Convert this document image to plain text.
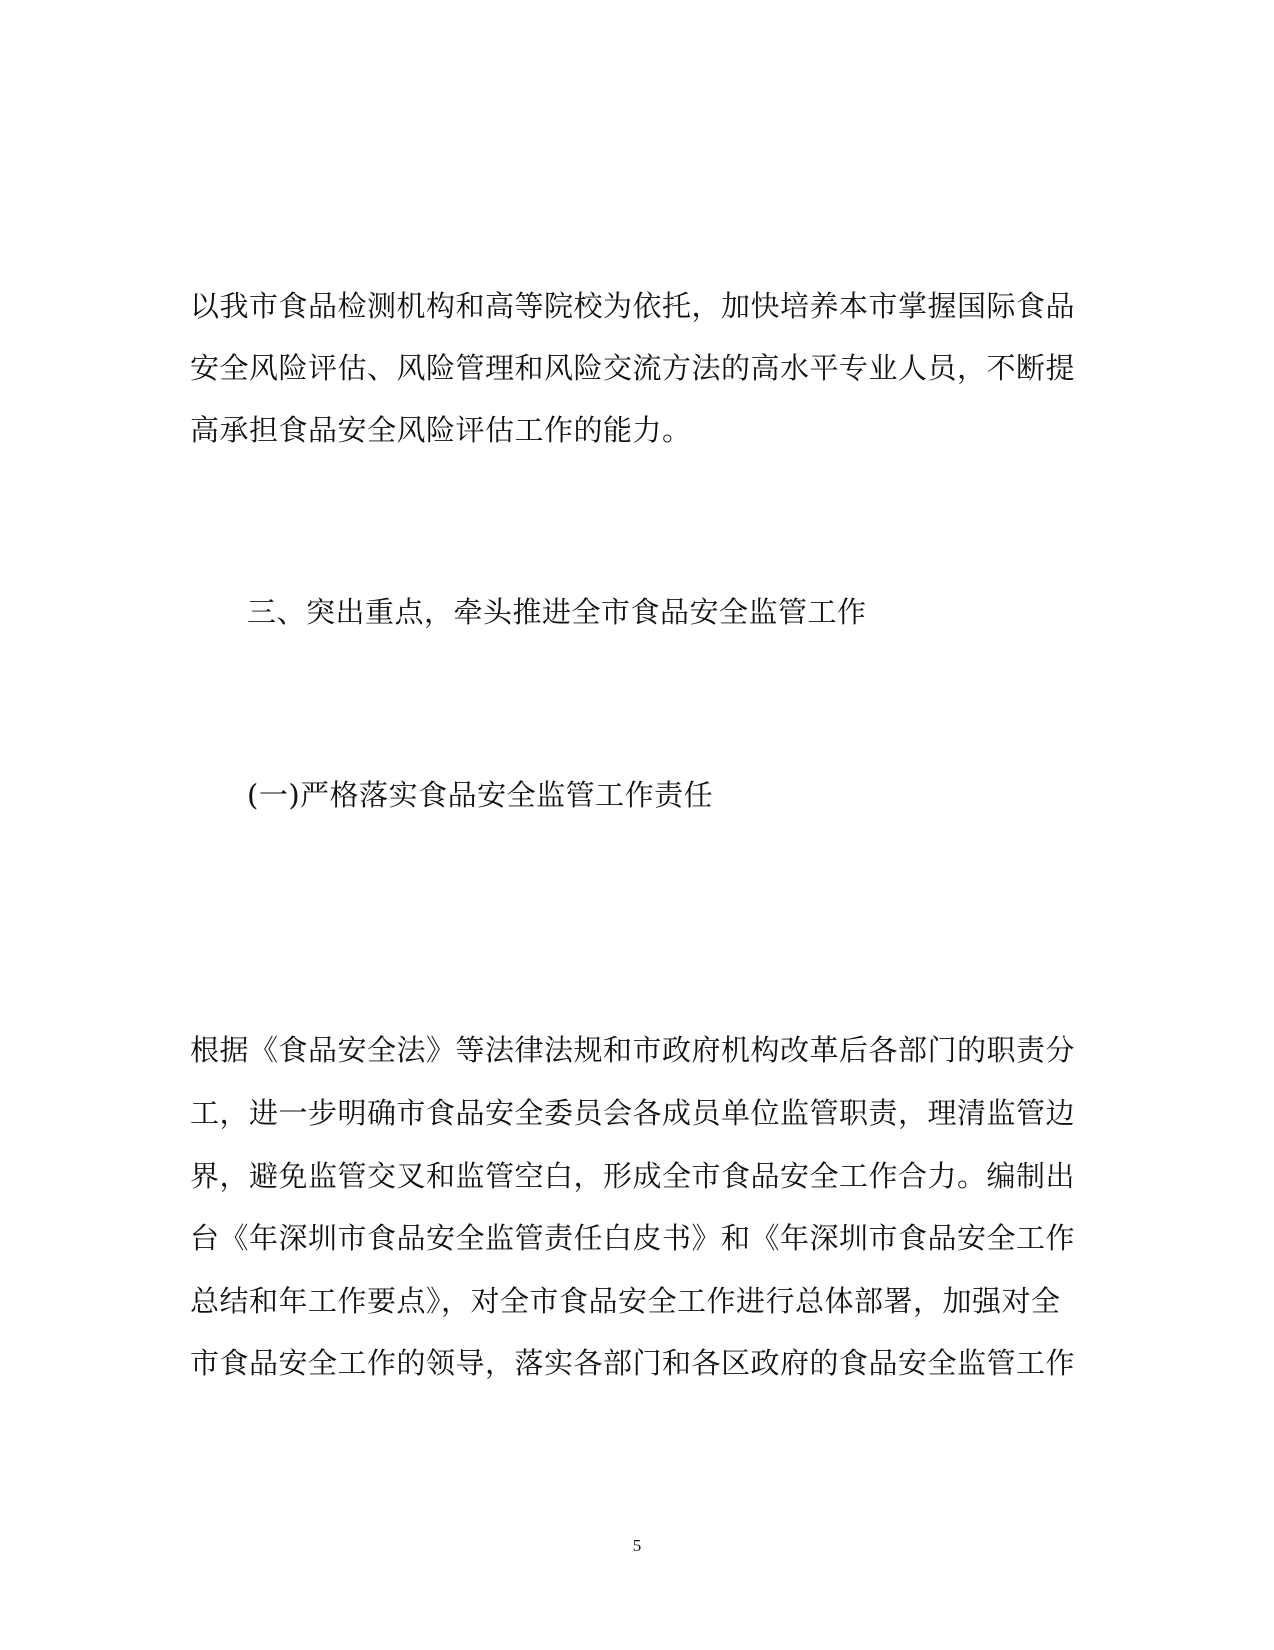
以我市食品检测机构和高等院校为依托，加快培养本市掌握国际食品
安全风险评估、风险管理和风险交流方法的高水平专业人员，不断提
高承担食品安全风险评估工作的能力。
三、突出重点，牵头推进全市食品安全监管工作
(一)严格落实食品安全监管工作责任
根据《食品安全法》等法律法规和市政府机构改革后各部门的职责分
工，进一步明确市食品安全委员会各成员单位监管职责，理清监管边
界，避免监管交叉和监管空白，形成全市食品安全工作合力。编制出
台《年深圳市食品安全监管责任白皮书》和《年深圳市食品安全工作
总结和年工作要点》，对全市食品安全工作进行总体部署，加强对全
市食品安全工作的领导，落实各部门和各区政府的食品安全监管工作
5
